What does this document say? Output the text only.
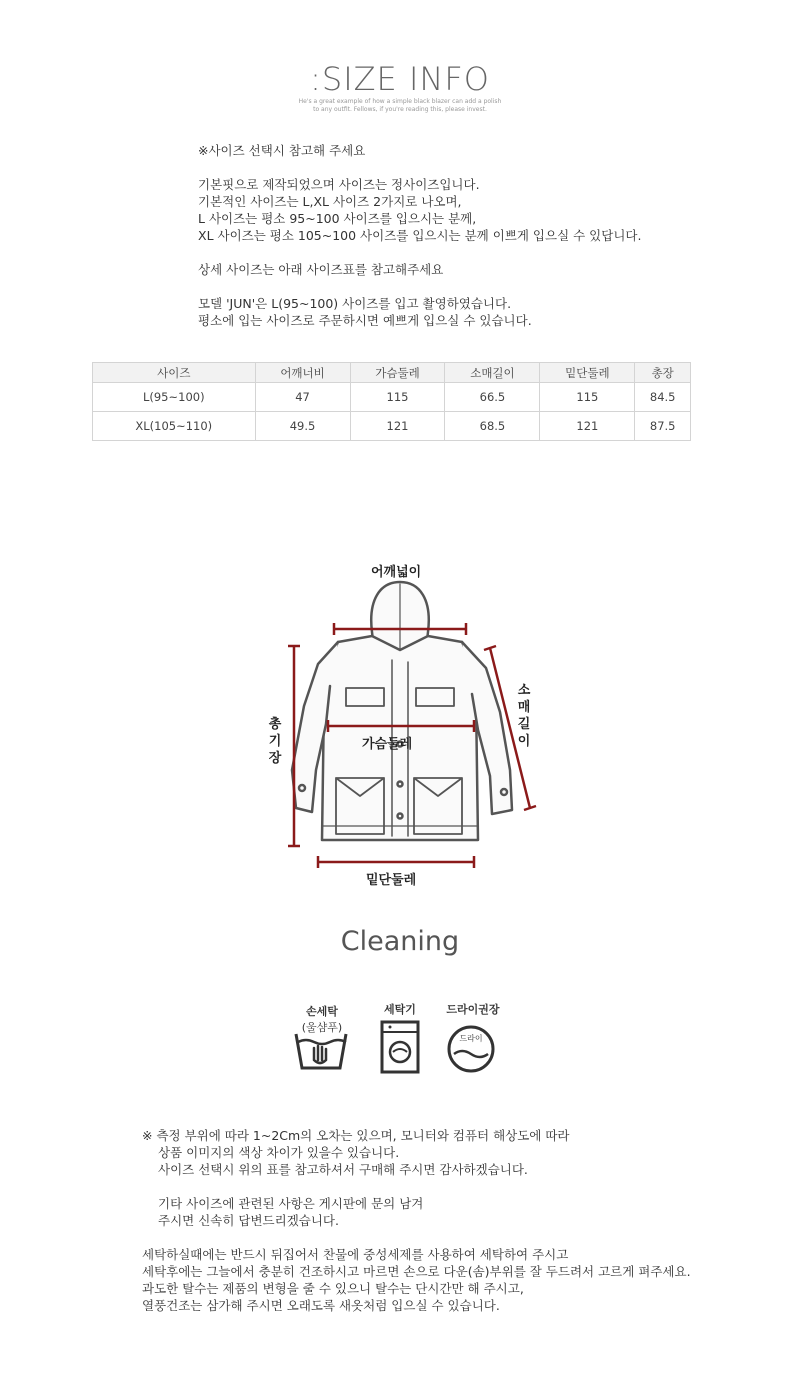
:SIZE INFO
He's a great example of how a simple black blazer can add a polish
to any outfit. Fellows, if you're reading this, please invest.
※사이즈 선택시 참고해 주세요
기본핏으로 제작되었으며 사이즈는 정사이즈입니다.
기본적인 사이즈는 L,XL 사이즈 2가지로 나오며,
L 사이즈는 평소 95~100 사이즈를 입으시는 분께,
XL 사이즈는 평소 105~100 사이즈를 입으시는 분께 이쁘게 입으실 수 있답니다.
상세 사이즈는 아래 사이즈표를 참고해주세요
모델 'JUN'은 L(95~100) 사이즈를 입고 촬영하였습니다.
평소에 입는 사이즈로 주문하시면 예쁘게 입으실 수 있습니다.
사이즈	어깨너비	가슴둘레	소매길이	밑단둘레	총장
L(95~100)	47	115	66.5	115	84.5
XL(105~110)	49.5	121	68.5	121	87.5
어깨넓이
가슴둘레
밑단둘레
총
기
장
소
매
길
이
Cleaning
손세탁
(울샴푸)
세탁기	드라이권장
드라이
※ 측정 부위에 따라 1~2Cm의 오차는 있으며, 모니터와 컴퓨터 해상도에 따라
상품 이미지의 색상 차이가 있을수 있습니다.
사이즈 선택시 위의 표를 참고하셔서 구매해 주시면 감사하겠습니다.
기타 사이즈에 관련된 사항은 게시판에 문의 남겨
주시면 신속히 답변드리겠습니다.
세탁하실때에는 반드시 뒤집어서 찬물에 중성세제를 사용하여 세탁하여 주시고
세탁후에는 그늘에서 충분히 건조하시고 마르면 손으로 다운(솜)부위를 잘 두드려서 고르게 펴주세요.
과도한 탈수는 제품의 변형을 줄 수 있으니 탈수는 단시간만 해 주시고,
열풍건조는 삼가해 주시면 오래도록 새옷처럼 입으실 수 있습니다.
